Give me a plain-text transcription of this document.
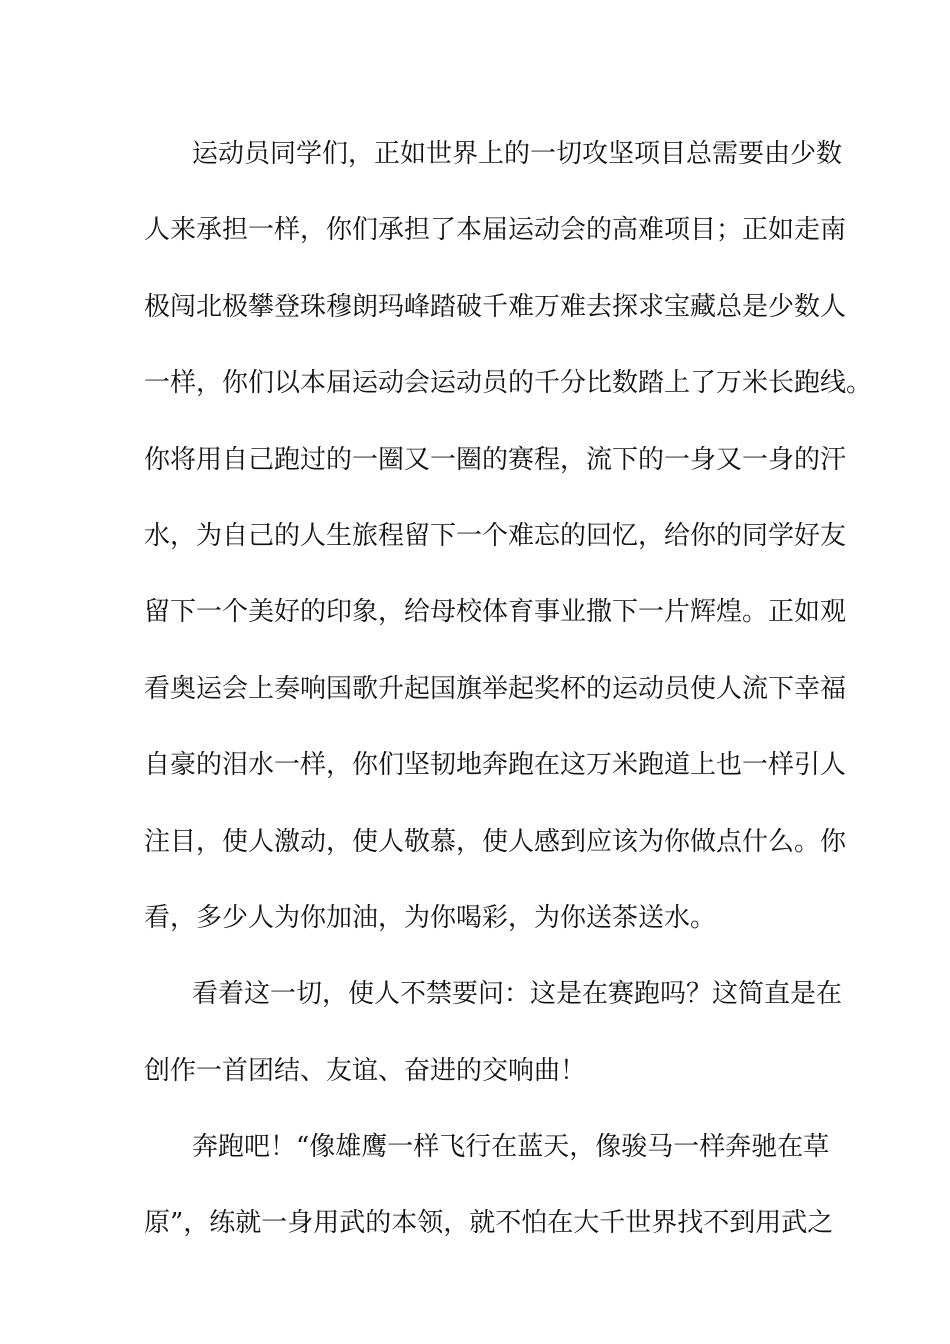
运动员同学们，正如世界上的一切攻坚项目总需要由少数
人来承担一样，你们承担了本届运动会的高难项目；正如走南
极闯北极攀登珠穆朗玛峰踏破千难万难去探求宝藏总是少数人
一样，你们以本届运动会运动员的千分比数踏上了万米长跑线。
你将用自己跑过的一圈又一圈的赛程，流下的一身又一身的汗
水，为自己的人生旅程留下一个难忘的回忆，给你的同学好友
留下一个美好的印象，给母校体育事业撒下一片辉煌。正如观
看奥运会上奏响国歌升起国旗举起奖杯的运动员使人流下幸福
自豪的泪水一样，你们坚韧地奔跑在这万米跑道上也一样引人
注目，使人激动，使人敬慕，使人感到应该为你做点什么。你
看，多少人为你加油，为你喝彩，为你送茶送水。
看着这一切，使人不禁要问：这是在赛跑吗？这简直是在
创作一首团结、友谊、奋进的交响曲！
奔跑吧！“像雄鹰一样飞行在蓝天，像骏马一样奔驰在草
原”，练就一身用武的本领，就不怕在大千世界找不到用武之
